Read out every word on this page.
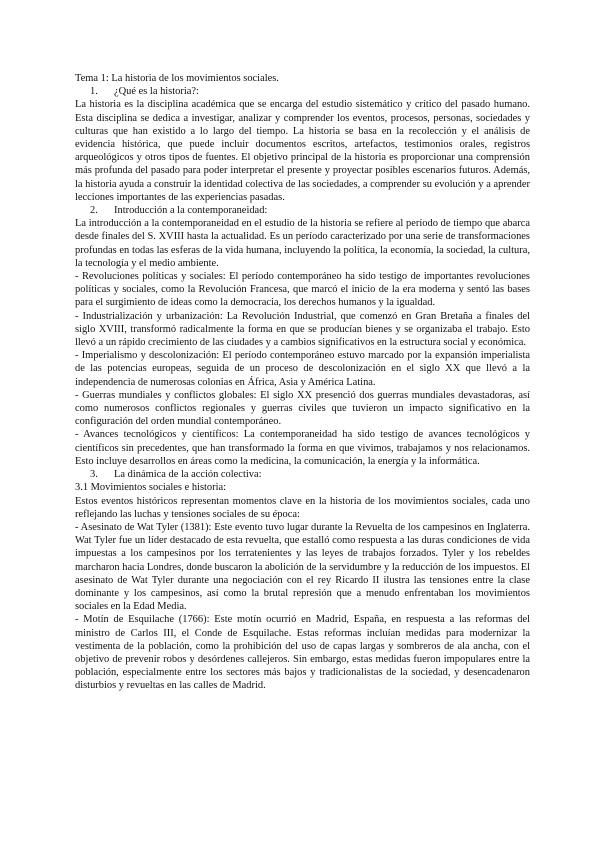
Tema 1: La historia de los movimientos sociales.
1. ¿Qué es la historia?:

La historia es la disciplina académica que se encarga del estudio sistemático y crítico del pasado humano. Esta disciplina se dedica a investigar, analizar y comprender los eventos, procesos, personas, sociedades y culturas que han existido a lo largo del tiempo. La historia se basa en la recolección y el análisis de evidencia histórica, que puede incluir documentos escritos, artefactos, testimonios orales, registros arqueológicos y otros tipos de fuentes. El objetivo principal de la historia es proporcionar una comprensión más profunda del pasado para poder interpretar el presente y proyectar posibles escenarios futuros. Además, la historia ayuda a construir la identidad colectiva de las sociedades, a comprender su evolución y a aprender lecciones importantes de las experiencias pasadas.

2. Introducción a la contemporaneidad:

La introducción a la contemporaneidad en el estudio de la historia se refiere al período de tiempo que abarca desde finales del S. XVIII hasta la actualidad. Es un período caracterizado por una serie de transformaciones profundas en todas las esferas de la vida humana, incluyendo la política, la economía, la sociedad, la cultura, la tecnología y el medio ambiente.

- Revoluciones políticas y sociales: El período contemporáneo ha sido testigo de importantes revoluciones políticas y sociales, como la Revolución Francesa, que marcó el inicio de la era moderna y sentó las bases para el surgimiento de ideas como la democracia, los derechos humanos y la igualdad.

- Industrialización y urbanización: La Revolución Industrial, que comenzó en Gran Bretaña a finales del siglo XVIII, transformó radicalmente la forma en que se producían bienes y se organizaba el trabajo. Esto llevó a un rápido crecimiento de las ciudades y a cambios significativos en la estructura social y económica.

- Imperialismo y descolonización: El período contemporáneo estuvo marcado por la expansión imperialista de las potencias europeas, seguida de un proceso de descolonización en el siglo XX que llevó a la independencia de numerosas colonias en África, Asia y América Latina.

- Guerras mundiales y conflictos globales: El siglo XX presenció dos guerras mundiales devastadoras, así como numerosos conflictos regionales y guerras civiles que tuvieron un impacto significativo en la configuración del orden mundial contemporáneo.

- Avances tecnológicos y científicos: La contemporaneidad ha sido testigo de avances tecnológicos y científicos sin precedentes, que han transformado la forma en que vivimos, trabajamos y nos relacionamos. Esto incluye desarrollos en áreas como la medicina, la comunicación, la energía y la informática.

3. La dinámica de la acción colectiva:
3.1 Movimientos sociales e historia:

Estos eventos históricos representan momentos clave en la historia de los movimientos sociales, cada uno reflejando las luchas y tensiones sociales de su época:

- Asesinato de Wat Tyler (1381): Este evento tuvo lugar durante la Revuelta de los campesinos en Inglaterra. Wat Tyler fue un líder destacado de esta revuelta, que estalló como respuesta a las duras condiciones de vida impuestas a los campesinos por los terratenientes y las leyes de trabajos forzados. Tyler y los rebeldes marcharon hacia Londres, donde buscaron la abolición de la servidumbre y la reducción de los impuestos. El asesinato de Wat Tyler durante una negociación con el rey Ricardo II ilustra las tensiones entre la clase dominante y los campesinos, así como la brutal represión que a menudo enfrentaban los movimientos sociales en la Edad Media.

- Motín de Esquilache (1766): Este motín ocurrió en Madrid, España, en respuesta a las reformas del ministro de Carlos III, el Conde de Esquilache. Estas reformas incluían medidas para modernizar la vestimenta de la población, como la prohibición del uso de capas largas y sombreros de ala ancha, con el objetivo de prevenir robos y desórdenes callejeros. Sin embargo, estas medidas fueron impopulares entre la población, especialmente entre los sectores más bajos y tradicionalistas de la sociedad, y desencadenaron disturbios y revueltas en las calles de Madrid.
